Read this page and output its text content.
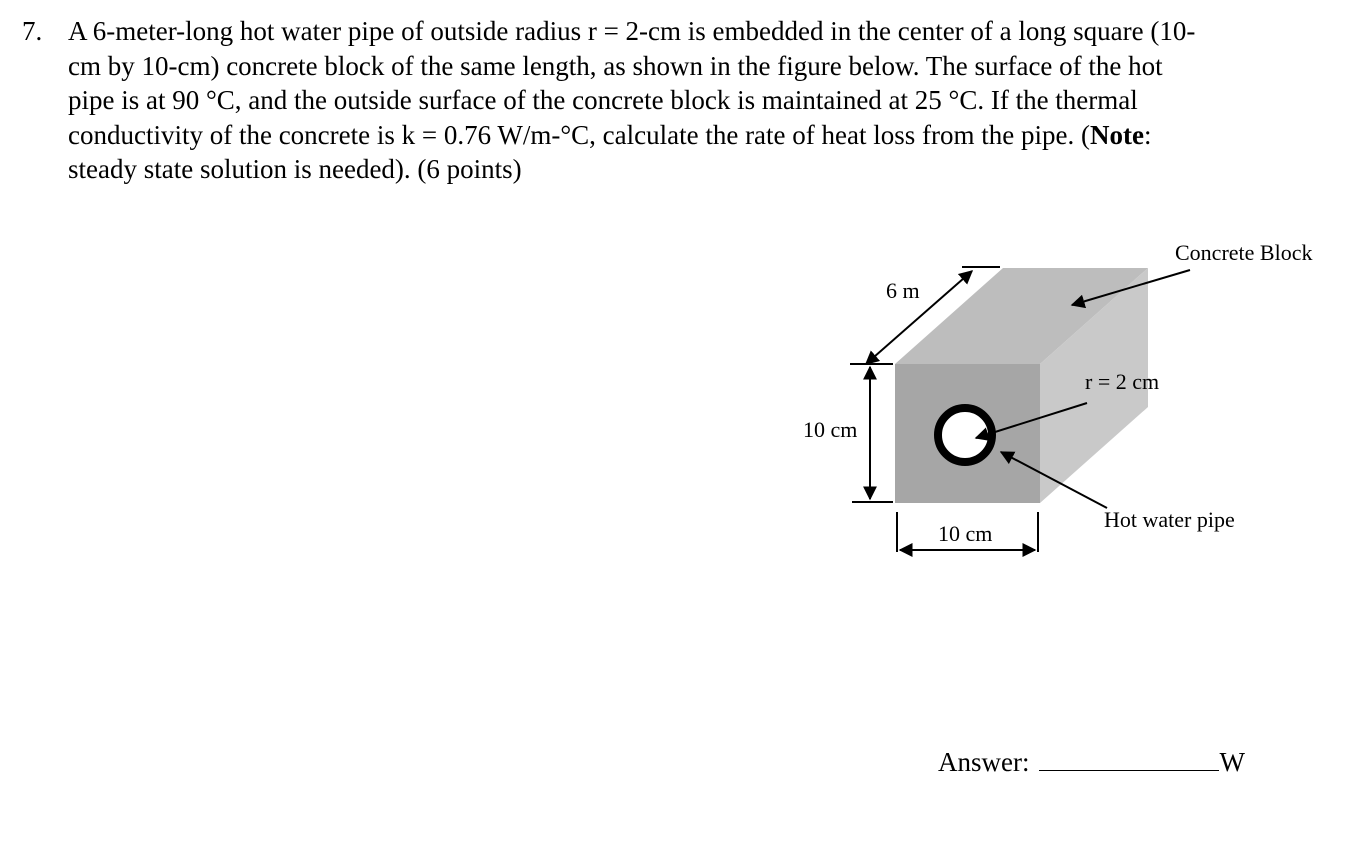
7. A 6-meter-long hot water pipe of outside radius r = 2-cm is embedded in the center of a long square (10-
cm by 10-cm) concrete block of the same length, as shown in the figure below. The surface of the hot
pipe is at 90 °C, and the outside surface of the concrete block is maintained at 25 °C. If the thermal
conductivity of the concrete is k = 0.76 W/m-°C, calculate the rate of heat loss from the pipe. (Note:
steady state solution is needed). (6 points)
6 m
10 cm
10 cm
r = 2 cm
Concrete Block
Hot water pipe
Answer:	W
